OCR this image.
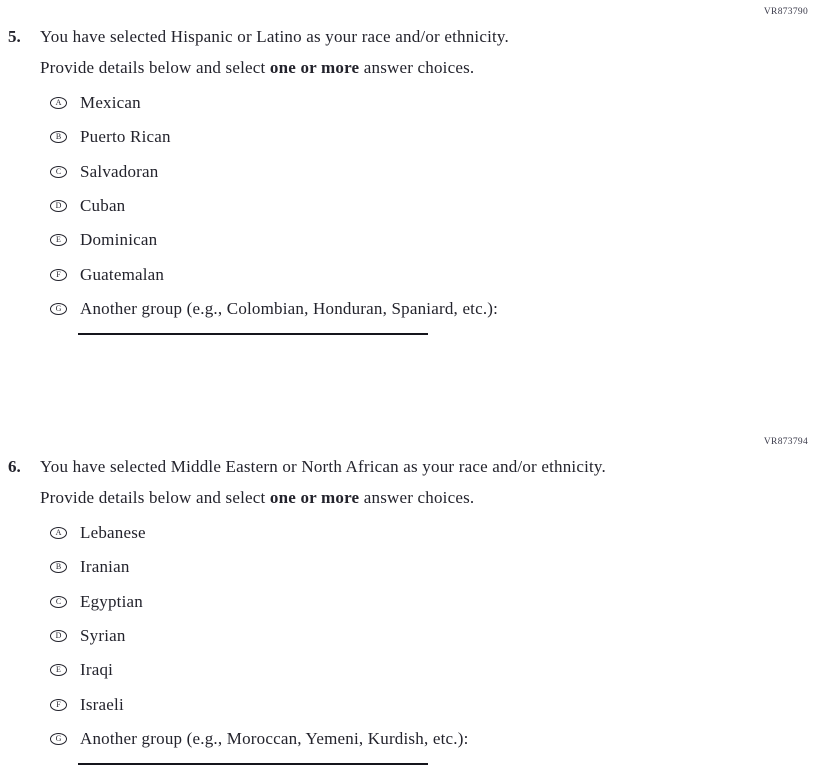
VR873790
5.	You have selected Hispanic or Latino as your race and/or ethnicity.
Provide details below and select one or more answer choices.
A	Mexican
B	Puerto Rican
C	Salvadoran
D	Cuban
E	Dominican
F	Guatemalan
G	Another group (e.g., Colombian, Honduran, Spaniard, etc.):
VR873794
6.	You have selected Middle Eastern or North African as your race and/or ethnicity.
Provide details below and select one or more answer choices.
A	Lebanese
B	Iranian
C	Egyptian
D	Syrian
E	Iraqi
F	Israeli
G	Another group (e.g., Moroccan, Yemeni, Kurdish, etc.):
